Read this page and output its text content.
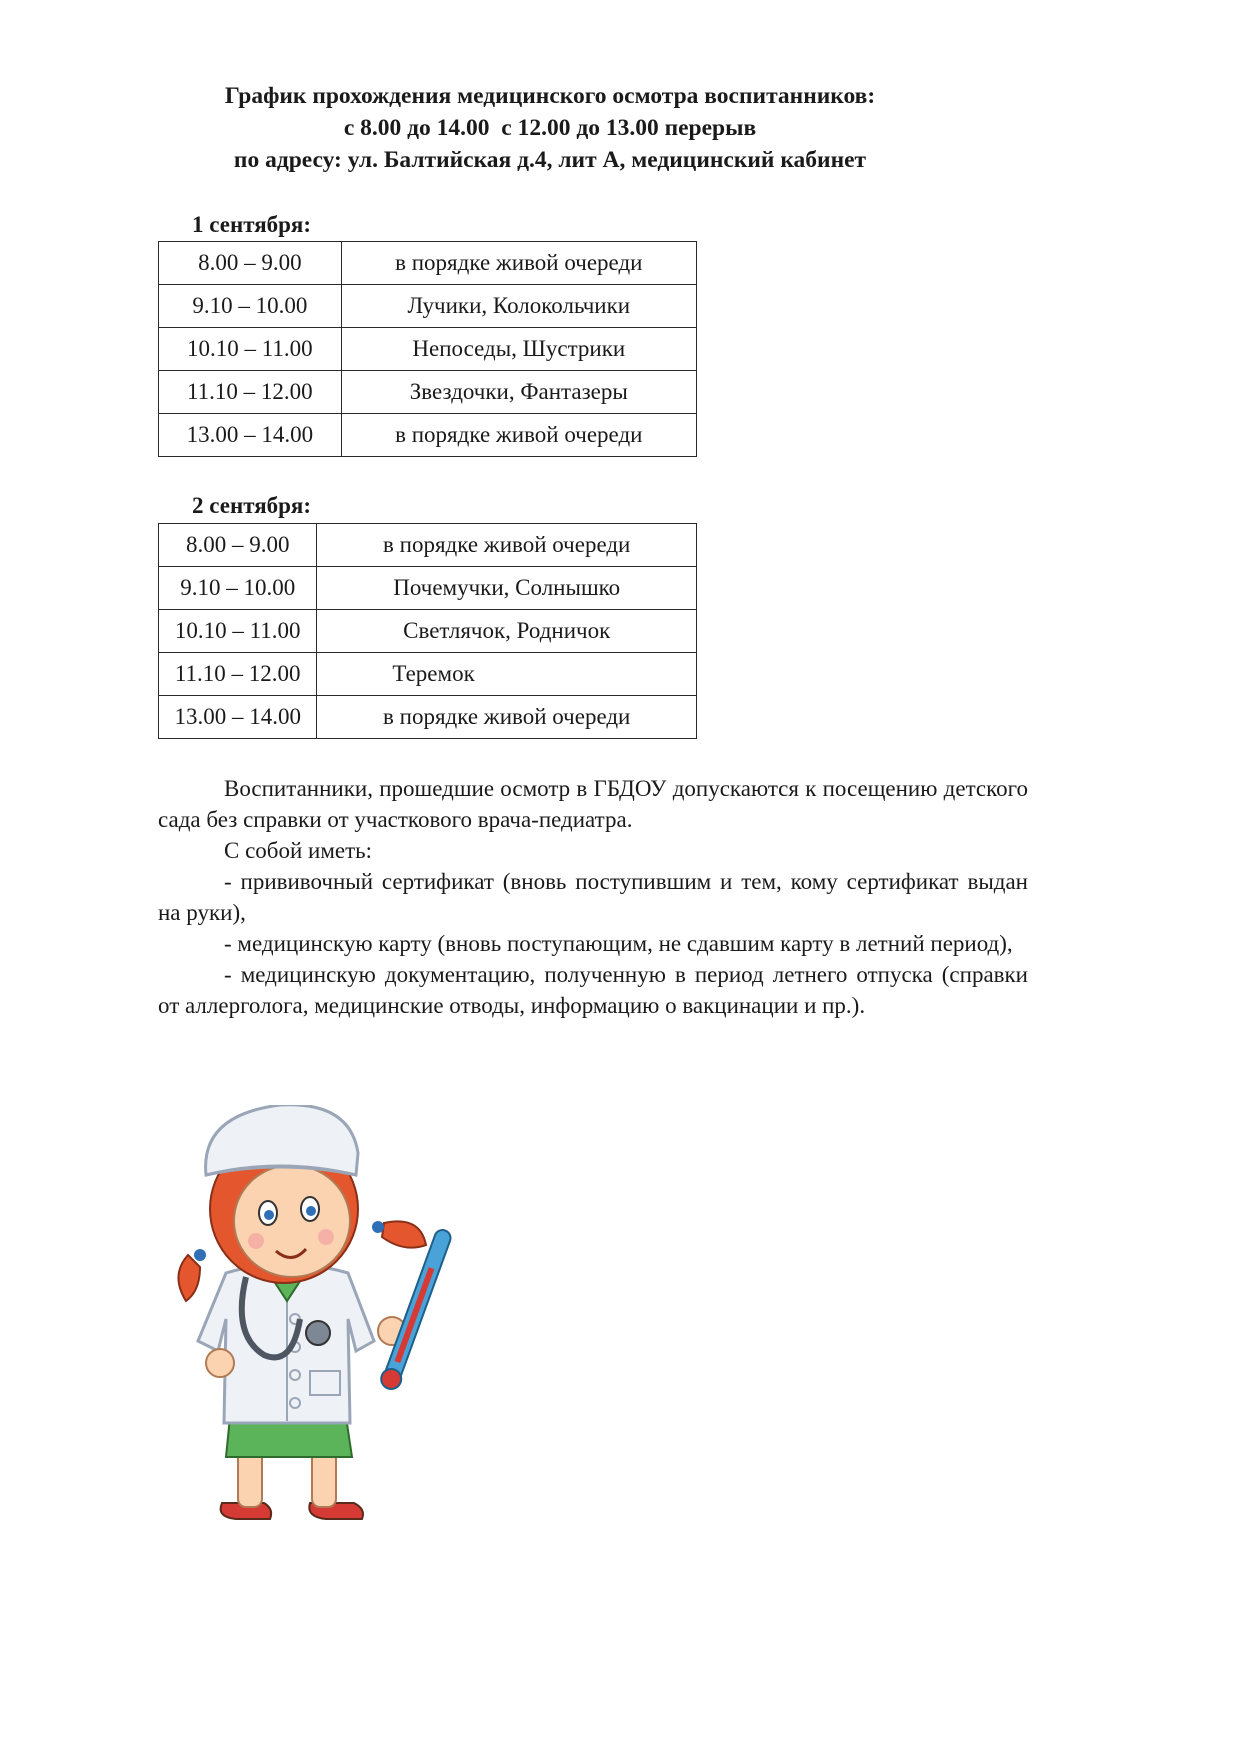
График прохождения медицинского осмотра воспитанников:
с 8.00 до 14.00  с 12.00 до 13.00 перерыв
по адресу: ул. Балтийская д.4, лит А, медицинский кабинет
1 сентября:
8.00 – 9.00	в порядке живой очереди
9.10 – 10.00	Лучики, Колокольчики
10.10 – 11.00	Непоседы, Шустрики
11.10 – 12.00	Звездочки, Фантазеры
13.00 – 14.00	в порядке живой очереди
2 сентября:
8.00 – 9.00	в порядке живой очереди
9.10 – 10.00	Почемучки, Солнышко
10.10 – 11.00	Светлячок, Родничок
11.10 – 12.00	Теремок
13.00 – 14.00	в порядке живой очереди

Воспитанники, прошедшие осмотр в ГБДОУ допускаются к посещению детского сада без справки от участкового врача-педиатра.

С собой иметь:

- прививочный сертификат (вновь поступившим и тем, кому сертификат выдан на руки),

- медицинскую карту (вновь поступающим, не сдавшим карту в летний период),

- медицинскую документацию, полученную в период летнего отпуска (справки от аллерголога, медицинские отводы, информацию о вакцинации и пр.).
